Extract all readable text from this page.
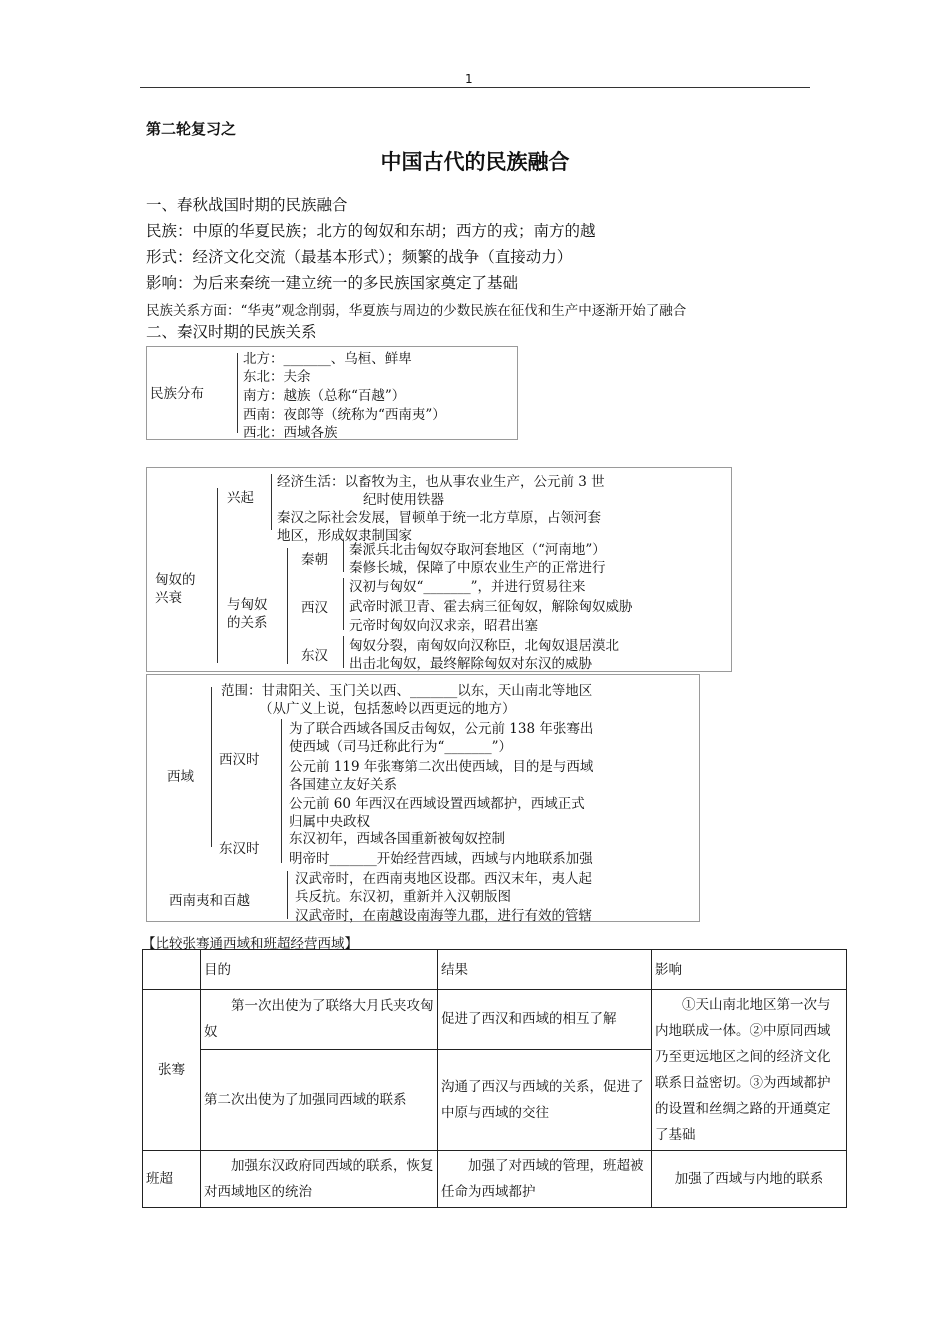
1
第二轮复习之
中国古代的民族融合
一、春秋战国时期的民族融合
民族：中原的华夏民族；北方的匈奴和东胡；西方的戎；南方的越
形式：经济文化交流（最基本形式）；频繁的战争（直接动力）
影响：为后来秦统一建立统一的多民族国家奠定了基础
民族关系方面：“华夷”观念削弱，华夏族与周边的少数民族在征伐和生产中逐渐开始了融合
二、秦汉时期的民族关系
民族分布
北方：_______、乌桓、鲜卑
东北：夫余
南方：越族（总称“百越”）
西南：夜郎等（统称为“西南夷”）
西北：西域各族
匈奴的
兴衰
兴起
经济生活：以畜牧为主，也从事农业生产，公元前 3 世
纪时使用铁器
秦汉之际社会发展，冒顿单于统一北方草原，占领河套
地区，形成奴隶制国家
与匈奴
的关系
秦朝
秦派兵北击匈奴夺取河套地区（“河南地”）
秦修长城，保障了中原农业生产的正常进行
西汉
汉初与匈奴“_______”，并进行贸易往来
武帝时派卫青、霍去病三征匈奴，解除匈奴威胁
元帝时匈奴向汉求亲，昭君出塞
东汉
匈奴分裂，南匈奴向汉称臣，北匈奴退居漠北
出击北匈奴，最终解除匈奴对东汉的威胁
西域
范围：甘肃阳关、玉门关以西、_______以东，天山南北等地区
（从广义上说，包括葱岭以西更远的地方）
西汉时
为了联合西域各国反击匈奴，公元前 138 年张骞出
使西域（司马迁称此行为“_______”）
公元前 119 年张骞第二次出使西域，目的是与西域
各国建立友好关系
公元前 60 年西汉在西域设置西域都护，西域正式
归属中央政权
东汉时
东汉初年，西域各国重新被匈奴控制
明帝时_______开始经营西域，西域与内地联系加强
西南夷和百越
汉武帝时，在西南夷地区设郡。西汉末年，夷人起
兵反抗。东汉初，重新并入汉朝版图
汉武帝时，在南越设南海等九郡，进行有效的管辖
【比较张骞通西域和班超经营西域】
	目的	结果	影响
张骞	第一次出使为了联络大月氏夹攻匈奴	促进了西汉和西域的相互了解	①天山南北地区第一次与内地联成一体。②中原同西域乃至更远地区之间的经济文化联系日益密切。③为西域都护的设置和丝绸之路的开通奠定了基础
	第二次出使为了加强同西域的联系	沟通了西汉与西域的关系，促进了中原与西域的交往	
班超	加强东汉政府同西域的联系，恢复对西域地区的统治	加强了对西域的管理，班超被任命为西域都护	加强了西域与内地的联系
